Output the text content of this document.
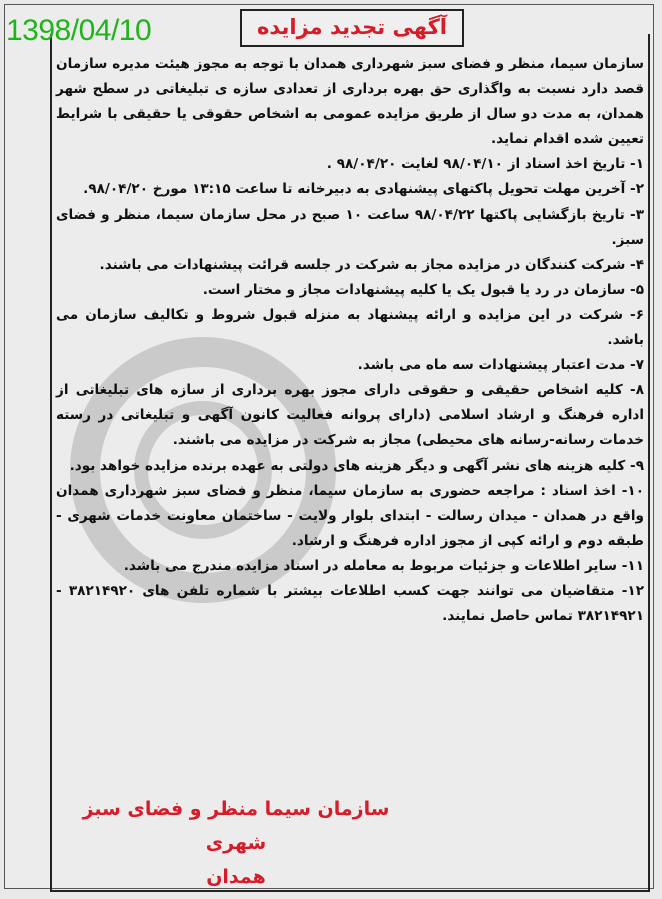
1398/04/10	آگهی تجدید مزایده

سازمان سیما، منظر و فضای سبز شهرداری همدان با توجه به مجوز هیئت مدیره سازمان قصد دارد نسبت به واگذاری حق بهره برداری از تعدادی سازه ی تبلیغاتی در سطح شهر همدان، به مدت دو سال از طریق مزایده عمومی به اشخاص حقوقی یا حقیقی با شرایط تعیین شده اقدام نماید.

۱- تاریخ اخذ اسناد از ۹۸/۰۴/۱۰ لغایت ۹۸/۰۴/۲۰ .

۲- آخرین مهلت تحویل پاکتهای پیشنهادی به دبیرخانه تا ساعت ۱۳:۱۵ مورخ ۹۸/۰۴/۲۰.

۳- تاریخ بازگشایی پاکتها ۹۸/۰۴/۲۲ ساعت ۱۰ صبح در محل سازمان سیما، منظر و فضای سبز.

۴- شرکت کنندگان در مزایده مجاز به شرکت در جلسه قرائت پیشنهادات می باشند.

۵- سازمان در رد یا قبول یک یا کلیه پیشنهادات مجاز و مختار است.

۶- شرکت در این مزایده و ارائه پیشنهاد به منزله قبول شروط و تکالیف سازمان می باشد.

۷- مدت اعتبار پیشنهادات سه ماه می باشد.

۸- کلیه اشخاص حقیقی و حقوقی دارای مجوز بهره برداری از سازه های تبلیغاتی از اداره فرهنگ و ارشاد اسلامی (دارای پروانه فعالیت کانون آگهی و تبلیغاتی در رسته خدمات رسانه-رسانه های محیطی) مجاز به شرکت در مزایده می باشند.

۹- کلیه هزینه های نشر آگهی و دیگر هزینه های دولتی به عهده برنده مزایده خواهد بود.

۱۰- اخذ اسناد : مراجعه حضوری به سازمان سیما، منظر و فضای سبز شهرداری همدان واقع در همدان - میدان رسالت - ابتدای بلوار ولایت - ساختمان معاونت خدمات شهری - طبقه دوم و ارائه کپی از مجوز اداره فرهنگ و ارشاد.

۱۱- سایر اطلاعات و جزئیات مربوط به معامله در اسناد مزایده مندرج می باشد.

۱۲- متقاضیان می توانند جهت کسب اطلاعات بیشتر با شماره تلفن های ۳۸۲۱۴۹۲۰ - ۳۸۲۱۴۹۲۱ تماس حاصل نمایند.

سازمان سیما منظر و فضای سبز شهری
همدان
